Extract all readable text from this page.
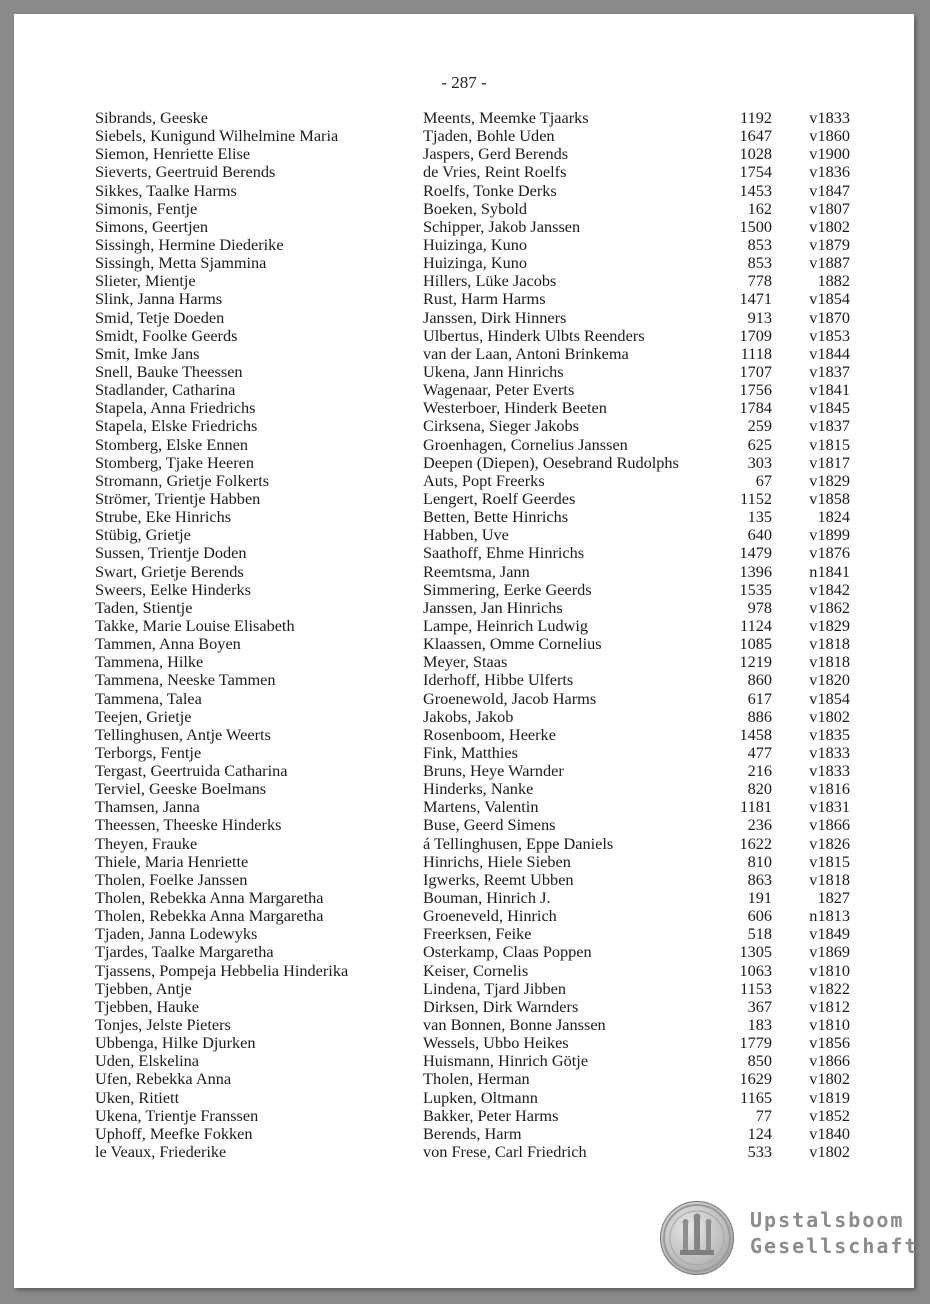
- 287 -
Sibrands, Geeske	Meents, Meemke Tjaarks	1192 v1833
Siebels, Kunigund Wilhelmine Maria	Tjaden, Bohle Uden	1647 v1860
Siemon, Henriette Elise	Jaspers, Gerd Berends	1028 v1900
Sieverts, Geertruid Berends	de Vries, Reint Roelfs	1754 v1836
Sikkes, Taalke Harms	Roelfs, Tonke Derks	1453 v1847
Simonis, Fentje	Boeken, Sybold	162 v1807
Simons, Geertjen	Schipper, Jakob Janssen	1500 v1802
Sissingh, Hermine Diederike	Huizinga, Kuno	853 v1879
Sissingh, Metta Sjammina	Huizinga, Kuno	853 v1887
Slieter, Mientje	Hillers, Lüke Jacobs	778	1882
Slink, Janna Harms	Rust, Harm Harms	1471 v1854
Smid, Tetje Doeden	Janssen, Dirk Hinners	913 v1870
Smidt, Foolke Geerds	Ulbertus, Hinderk Ulbts Reenders	1709 v1853
Smit, Imke Jans	van der Laan, Antoni Brinkema	1118 v1844
Snell, Bauke Theessen	Ukena, Jann Hinrichs	1707 v1837
Stadlander, Catharina	Wagenaar, Peter Everts	1756 v1841
Stapela, Anna Friedrichs	Westerboer, Hinderk Beeten	1784 v1845
Stapela, Elske Friedrichs	Cirksena, Sieger Jakobs	259 v1837
Stomberg, Elske Ennen	Groenhagen, Cornelius Janssen	625 v1815
Stomberg, Tjake Heeren	Deepen (Diepen), Oesebrand Rudolphs	303 v1817
Stromann, Grietje Folkerts	Auts, Popt Freerks	67 v1829
Strömer, Trientje Habben	Lengert, Roelf Geerdes	1152 v1858
Strube, Eke Hinrichs	Betten, Bette Hinrichs	135	1824
Stübig, Grietje	Habben, Uve	640 v1899
Sussen, Trientje Doden	Saathoff, Ehme Hinrichs	1479 v1876
Swart, Grietje Berends	Reemtsma, Jann	1396 n1841
Sweers, Eelke Hinderks	Simmering, Eerke Geerds	1535 v1842
Taden, Stientje	Janssen, Jan Hinrichs	978 v1862
Takke, Marie Louise Elisabeth	Lampe, Heinrich Ludwig	1124 v1829
Tammen, Anna Boyen	Klaassen, Omme Cornelius	1085 v1818
Tammena, Hilke	Meyer, Staas	1219 v1818
Tammena, Neeske Tammen	Iderhoff, Hibbe Ulferts	860 v1820
Tammena, Talea	Groenewold, Jacob Harms	617 v1854
Teejen, Grietje	Jakobs, Jakob	886 v1802
Tellinghusen, Antje Weerts	Rosenboom, Heerke	1458 v1835
Terborgs, Fentje	Fink, Matthies	477 v1833
Tergast, Geertruida Catharina	Bruns, Heye Warnder	216 v1833
Terviel, Geeske Boelmans	Hinderks, Nanke	820 v1816
Thamsen, Janna	Martens, Valentin	1181 v1831
Theessen, Theeske Hinderks	Buse, Geerd Simens	236 v1866
Theyen, Frauke	á Tellinghusen, Eppe Daniels	1622 v1826
Thiele, Maria Henriette	Hinrichs, Hiele Sieben	810 v1815
Tholen, Foelke Janssen	Igwerks, Reemt Ubben	863 v1818
Tholen, Rebekka Anna Margaretha	Bouman, Hinrich J.	191	1827
Tholen, Rebekka Anna Margaretha	Groeneveld, Hinrich	606 n1813
Tjaden, Janna Lodewyks	Freerksen, Feike	518 v1849
Tjardes, Taalke Margaretha	Osterkamp, Claas Poppen	1305 v1869
Tjassens, Pompeja Hebbelia Hinderika	Keiser, Cornelis	1063 v1810
Tjebben, Antje	Lindena, Tjard Jibben	1153 v1822
Tjebben, Hauke	Dirksen, Dirk Warnders	367 v1812
Tonjes, Jelste Pieters	van Bonnen, Bonne Janssen	183 v1810
Ubbenga, Hilke Djurken	Wessels, Ubbo Heikes	1779 v1856
Uden, Elskelina	Huismann, Hinrich Götje	850 v1866
Ufen, Rebekka Anna	Tholen, Herman	1629 v1802
Uken, Ritiett	Lupken, Oltmann	1165 v1819
Ukena, Trientje Franssen	Bakker, Peter Harms	77 v1852
Uphoff, Meefke Fokken	Berends, Harm	124 v1840
le Veaux, Friederike	von Frese, Carl Friedrich	533 v1802
Upstalsboom
Gesellschaft
